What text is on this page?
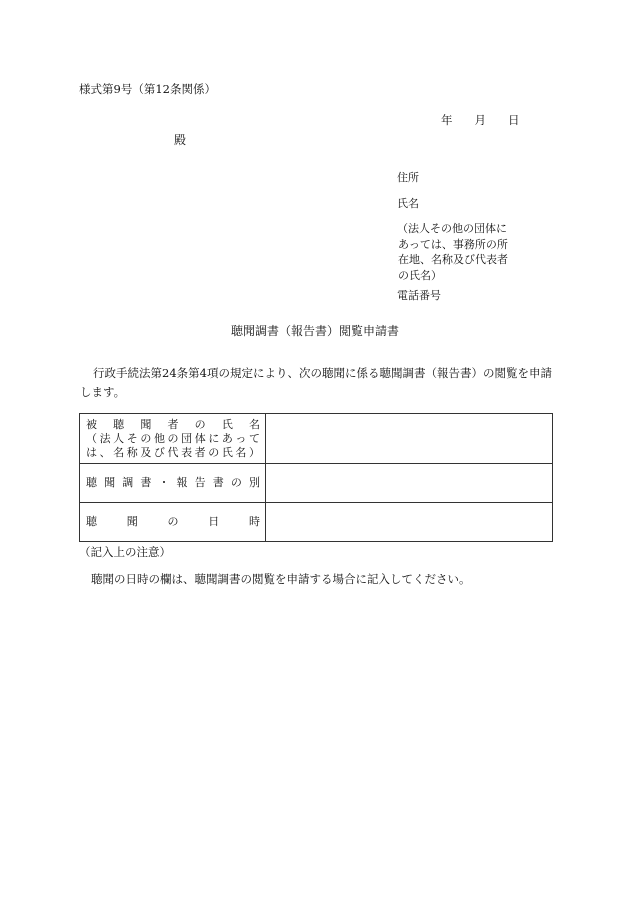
様式第9号（第12条関係）
年 月 日
殿
住所
氏名
（法人その他の団体に
あっては、事務所の所
在地、名称及び代表者
の氏名）
電話番号
聴聞調書（報告書）閲覧申請書
行政手続法第24条第4項の規定により、次の聴聞に係る聴聞調書（報告書）の閲覧を申請します。
被 聴 聞 者 の 氏 名
（法人その他の団体にあって
は、名称及び代表者の氏名）	

聴 聞 調 書 ・ 報 告 書 の 別	

聴 聞 の 日 時	

（記入上の注意）
聴聞の日時の欄は、聴聞調書の閲覧を申請する場合に記入してください。
